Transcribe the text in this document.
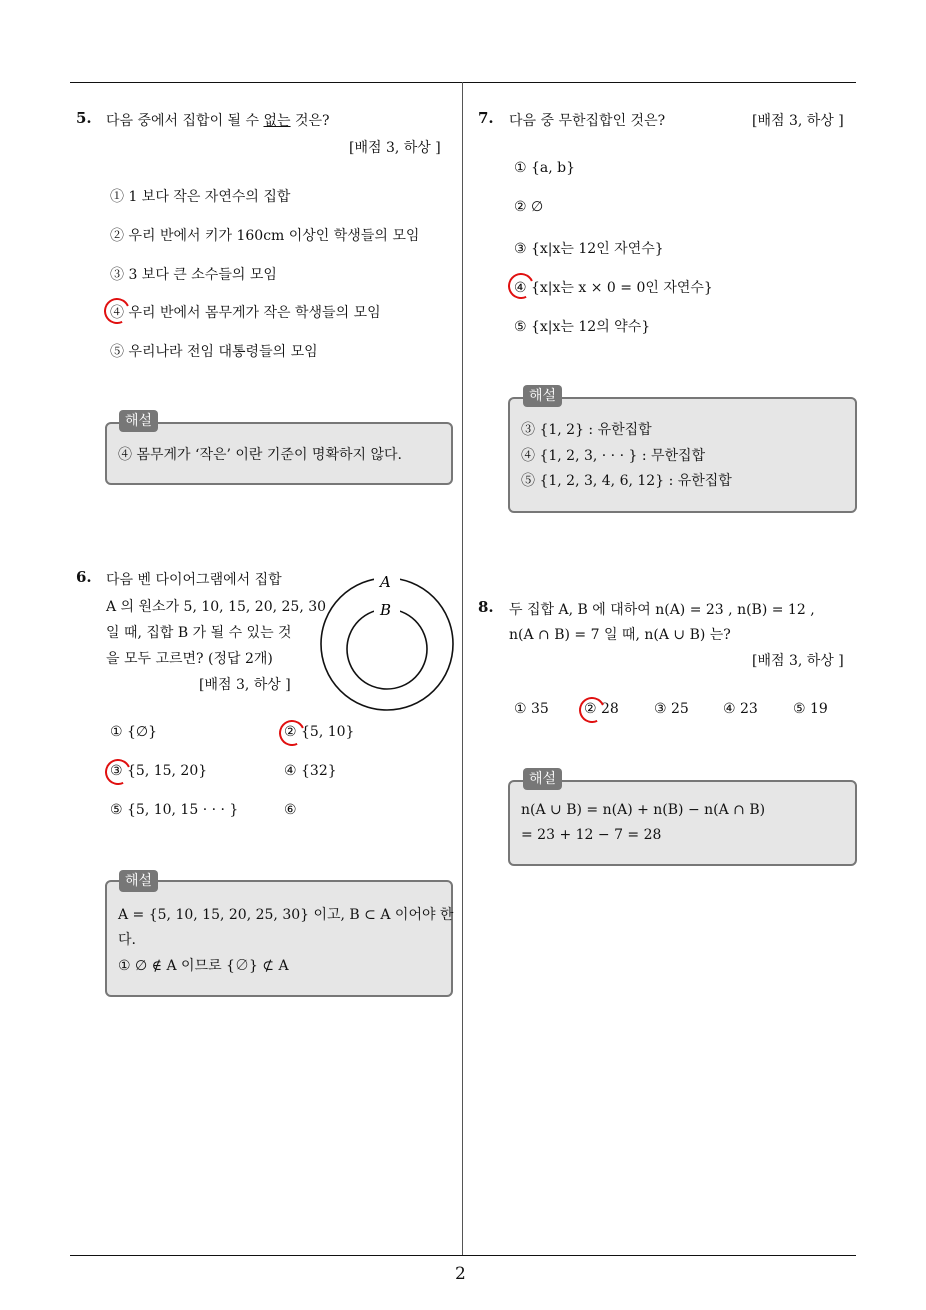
2
5. 다음 중에서 집합이 될 수 없는 것은?
[배점 3, 하상 ]
① 1 보다 작은 자연수의 집합
② 우리 반에서 키가 160cm 이상인 학생들의 모임
③ 3 보다 큰 소수들의 모임
④ 우리 반에서 몸무게가 작은 학생들의 모임
⑤ 우리나라 전임 대통령들의 모임
해설
④ 몸무게가 ‘작은’ 이란 기준이 명확하지 않다.
6. 다음 벤 다이어그램에서 집합
A 의 원소가 5, 10, 15, 20, 25, 30
일 때, 집합 B 가 될 수 있는 것
을 모두 고르면? (정답 2개)
[배점 3, 하상 ]
A
B
① {∅}	② {5, 10}
③ {5, 15, 20}	④ {32}
⑤ {5, 10, 15 · · · }	⑥
해설
A = {5, 10, 15, 20, 25, 30} 이고, B ⊂ A 이어야 한
다.
① ∅ ∉ A 이므로 {∅} ⊄ A
7. 다음 중 무한집합인 것은?	[배점 3, 하상 ]
① {a, b}
② ∅
③ {x|x는 12인 자연수}
④ {x|x는 x × 0 = 0인 자연수}
⑤ {x|x는 12의 약수}
해설
③ {1, 2} : 유한집합
④ {1, 2, 3, · · · } : 무한집합
⑤ {1, 2, 3, 4, 6, 12} : 유한집합
8. 두 집합 A, B 에 대하여 n(A) = 23 , n(B) = 12 ,
n(A ∩ B) = 7 일 때, n(A ∪ B) 는?
[배점 3, 하상 ]
① 35	② 28	③ 25 ④ 23	⑤ 19
해설
n(A ∪ B) = n(A) + n(B) − n(A ∩ B)
= 23 + 12 − 7 = 28
